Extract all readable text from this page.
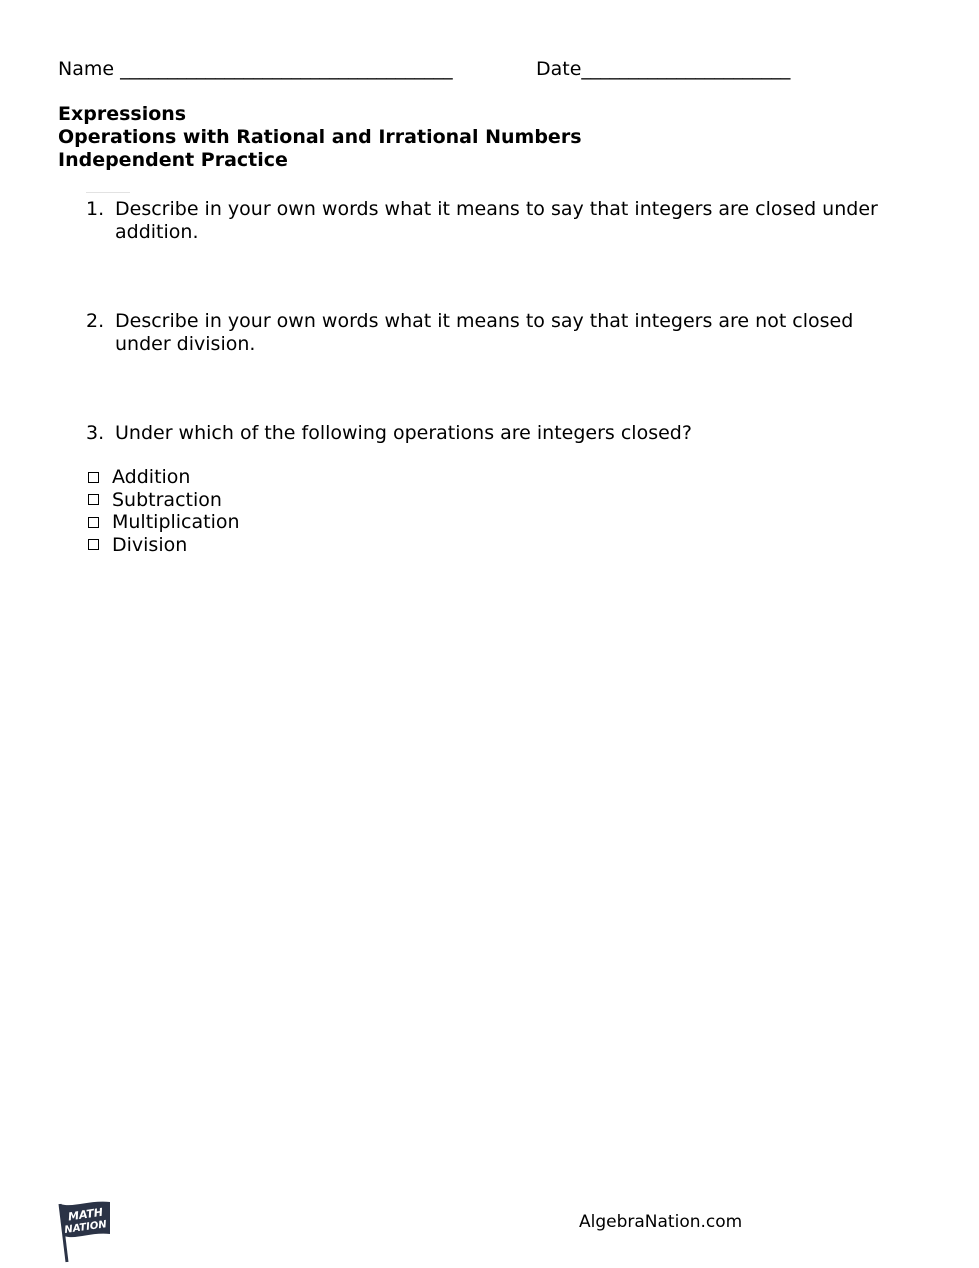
Name ___________________________________	Date______________________
Expressions
Operations with Rational and Irrational Numbers
Independent Practice
1. Describe in your own words what it means to say that integers are closed under addition.
2. Describe in your own words what it means to say that integers are not closed under division.
3. Under which of the following operations are integers closed?
Addition
Subtraction
Multiplication
Division
MATH
NATION	AlgebraNation.com
